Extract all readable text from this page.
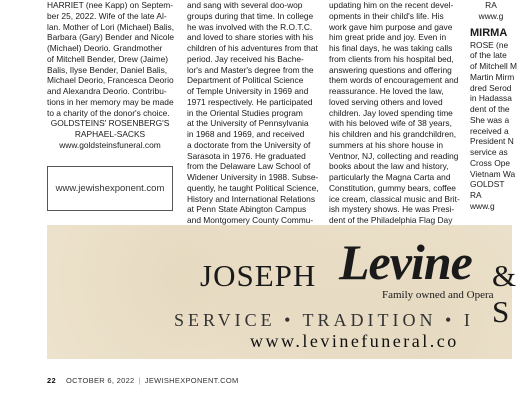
HARRIET (nee Kapp) on Septem-
ber 25, 2022. Wife of the late Al-
lan. Mother of Lori (Michael) Balis,
Barbara (Gary) Bender and Nicole
(Michael) Deorio. Grandmother
of Mitchell Bender, Drew (Jaime)
Balis, Ilyse Bender, Daniel Balis,
Michael Deorio, Francesca Deorio
and Alexandra Deorio. Contribu-
tions in her memory may be made
to a charity of the donor's choice.
GOLDSTEINS' ROSENBERG'S
RAPHAEL-SACKS
www.goldsteinsfuneral.com
www.jewishexponent.com
and sang with several doo-wop
groups during that time. In college
he was involved with the R.O.T.C.
and loved to share stories with his
children of his adventures from that
period. Jay received his Bache-
lor's and Master's degree from the
Department of Political Science
of Temple University in 1969 and
1971 respectively. He participated
in the Oriental Studies program
at the University of Pennsylvania
in 1968 and 1969, and received
a doctorate from the University of
Sarasota in 1976. He graduated
from the Delaware Law School of
Widener University in 1988. Subse-
quently, he taught Political Science,
History and International Relations
at Penn State Abington Campus
and Montgomery County Commu-
updating him on the recent devel-
opments in their child's life. His
work gave him purpose and gave
him great pride and joy. Even in
his final days, he was taking calls
from clients from his hospital bed,
answering questions and offering
them words of encouragement and
reassurance. He loved the law,
loved serving others and loved
children. Jay loved spending time
with his beloved wife of 38 years,
his children and his grandchildren,
summers at his shore house in
Ventnor, NJ, collecting and reading
books about the law and history,
particularly the Magna Carta and
Constitution, gummy bears, coffee
ice cream, classical music and Brit-
ish mystery shows. He was Presi-
dent of the Philadelphia Flag Day
RA
www.g
MIRMA
ROSE (ne
of the late
of Mitchell M
Martin Mirm
dred Serod
in Hadassa
dent of the
She was a
received a
President N
service as
Cross Ope
Vietnam Wa
GOLDST
RA
www.g
JOSEPH Levine & S
Family owned and Opera
SERVICE • TRADITION • I
www.levinefuneral.co
22 OCTOBER 6, 2022 | JEWISHEXPONENT.COM
